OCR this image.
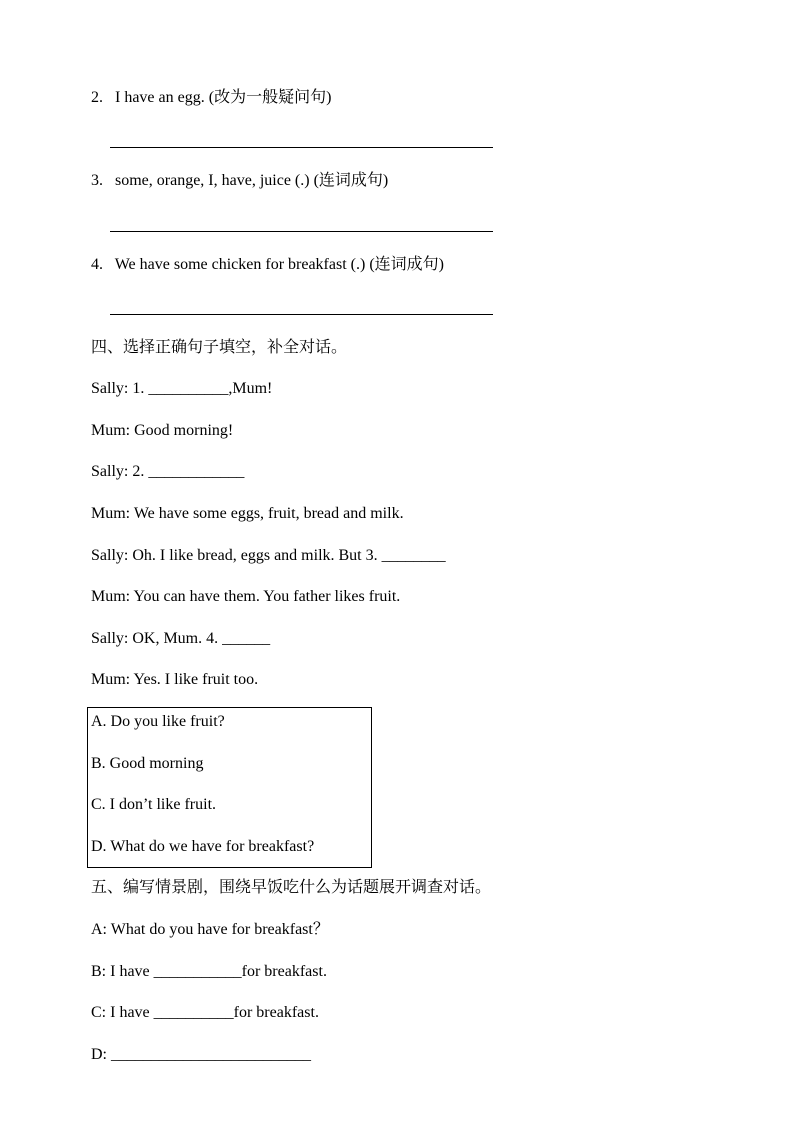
2. I have an egg. (改为一般疑问句)
3. some, orange, I, have, juice (.) (连词成句)
4. We have some chicken for breakfast (.) (连词成句)
四、选择正确句子填空，补全对话。
Sally: 1. __________,Mum!
Mum: Good morning!
Sally: 2. ____________
Mum: We have some eggs, fruit, bread and milk.
Sally: Oh. I like bread, eggs and milk. But 3. ________
Mum: You can have them. You father likes fruit.
Sally: OK, Mum. 4. ______
Mum: Yes. I like fruit too.
A. Do you like fruit?
B. Good morning
C. I don’t like fruit.
D. What do we have for breakfast?
五、编写情景剧，围绕早饭吃什么为话题展开调查对话。
A: What do you have for breakfast？
B: I have ___________for breakfast.
C: I have __________for breakfast.
D: _________________________
